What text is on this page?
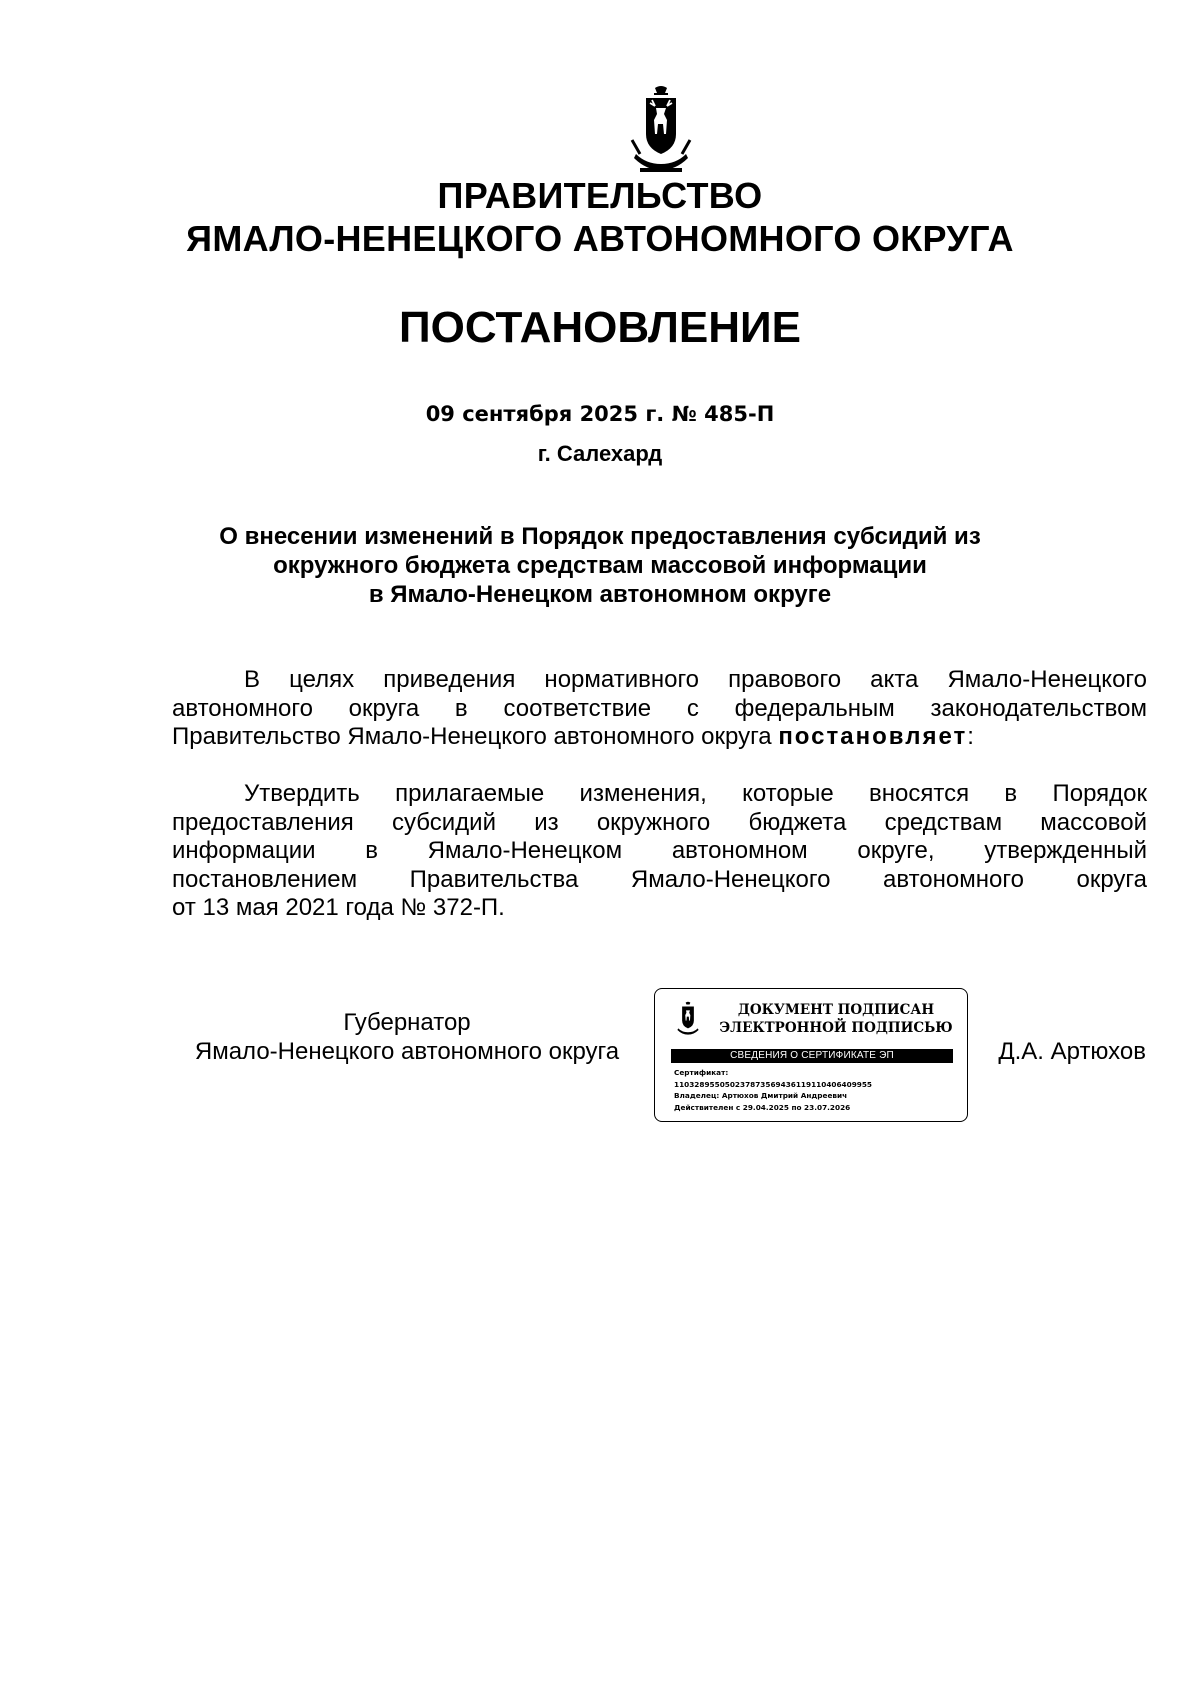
ПРАВИТЕЛЬСТВО
ЯМАЛО-НЕНЕЦКОГО АВТОНОМНОГО ОКРУГА
ПОСТАНОВЛЕНИЕ
09 сентября 2025 г. № 485-П
г. Салехард
О внесении изменений в Порядок предоставления субсидий из
окружного бюджета средствам массовой информации
в Ямало-Ненецком автономном округе
В целях приведения нормативного правового акта Ямало-Ненецкого
автономного округа в соответствие с федеральным законодательством
Правительство Ямало-Ненецкого автономного округа постановляет:
Утвердить прилагаемые изменения, которые вносятся в Порядок
предоставления субсидий из окружного бюджета средствам массовой
информации в Ямало-Ненецком автономном округе, утвержденный
постановлением Правительства Ямало-Ненецкого автономного округа
от 13 мая 2021 года № 372-П.
Губернатор
Ямало-Ненецкого автономного округа
ДОКУМЕНТ ПОДПИСАН
ЭЛЕКТРОННОЙ ПОДПИСЬЮ
СВЕДЕНИЯ О СЕРТИФИКАТЕ ЭП
Сертификат:
110328955050237873569436119110406409955
Владелец: Артюхов Дмитрий Андреевич
Действителен с 29.04.2025 по 23.07.2026
Д.А. Артюхов
